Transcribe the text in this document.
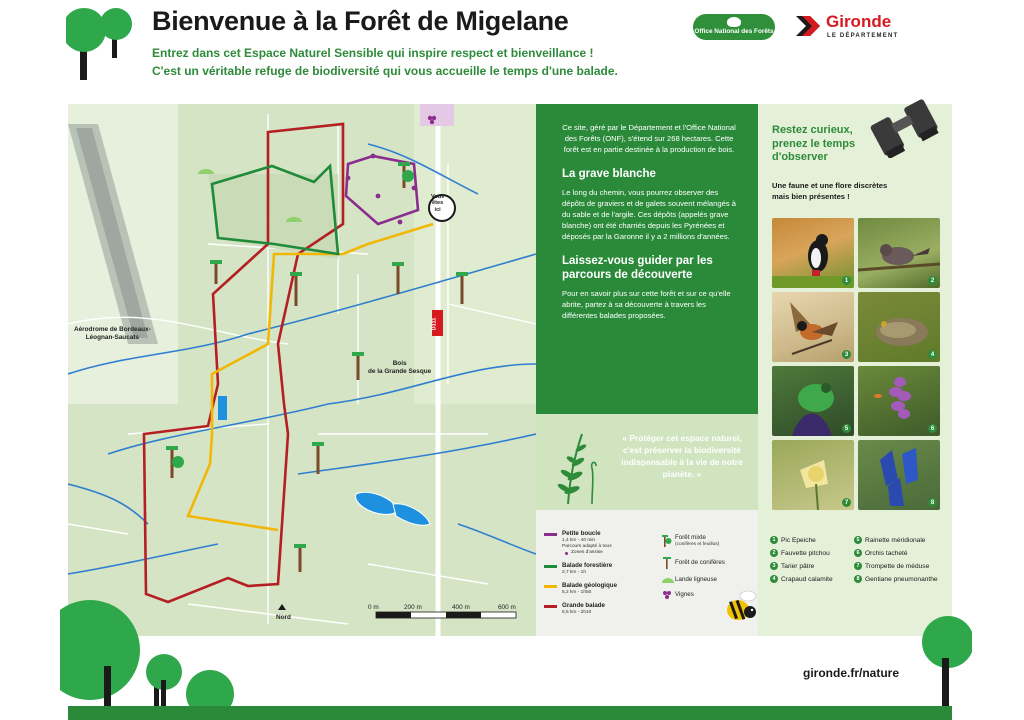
Bienvenue à la Forêt de Migelane
Entrez dans cet Espace Naturel Sensible qui inspire respect et bienveillance !
C'est un véritable refuge de biodiversité qui vous accueille le temps d'une balade.
Office National des Forêts
Gironde
LE DÉPARTEMENT
Vous
êtes
ici
Aérodrome de Bordeaux-
Léognan-Saucats
Bois
de la Grande Sesque
D111
Nord
0 m	200 m	400 m	600 m

Ce site, géré par le Département et l'Office National des Forêts (ONF), s'étend sur 268 hectares. Cette forêt est en partie destinée à la production de bois.

La grave blanche

Le long du chemin, vous pourrez observer des dépôts de graviers et de galets souvent mélangés à du sable et de l'argile. Ces dépôts (appelés grave blanche) ont été charriés depuis les Pyrénées et déposés par la Garonne il y a 2 millions d'années.

Laissez-vous guider par les parcours de découverte

Pour en savoir plus sur cette forêt et sur ce qu'elle abrite, partez à sa découverte à travers les différentes balades proposées.

« Protéger cet espace naturel, c'est préserver la biodiversité indispensable à la vie de notre planète. »
Petite boucle
1,4 km - 40 min
Parcours adapté à tous
Zones d'assise
Balade forestière
2,7 km - 1h
Balade géologique
5,2 km - 1h50
Grande balade
6,5 km - 2h10
Forêt mixte
(conifères et feuillus)
Forêt de conifères
Lande ligneuse
Vignes
Restez curieux,
prenez le temps
d'observer
Une faune et une flore discrètes
mais bien présentes !
1	2
3	4
5	6
7	8
1 Pic Epeiche
2 Fauvette pitchou
3 Tarier pâtre
4 Crapaud calamite
5 Rainette méridionale
6 Orchis tacheté
7 Trompette de méduse
8 Gentiane pneumonanthe
gironde.fr/nature
